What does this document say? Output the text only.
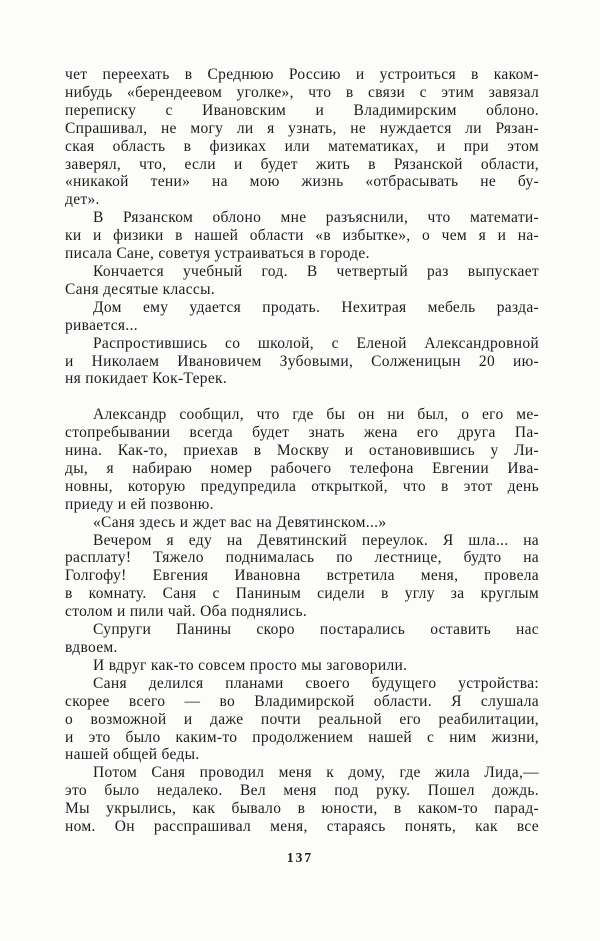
чет переехать в Среднюю Россию и устроиться в каком-
нибудь «берендеевом уголке», что в связи с этим завязал
переписку с Ивановским и Владимирским облоно.
Спрашивал, не могу ли я узнать, не нуждается ли Рязан-
ская область в физиках или математиках, и при этом
заверял, что, если и будет жить в Рязанской области,
«никакой тени» на мою жизнь «отбрасывать не бу-
дет».
В Рязанском облоно мне разъяснили, что математи-
ки и физики в нашей области «в избытке», о чем я и на-
писала Сане, советуя устраиваться в городе.
Кончается учебный год. В четвертый раз выпускает
Саня десятые классы.
Дом ему удается продать. Нехитрая мебель разда-
ривается...
Распростившись со школой, с Еленой Александровной
и Николаем Ивановичем Зубовыми, Солженицын 20 ию-
ня покидает Кок-Терек.
Александр сообщил, что где бы он ни был, о его ме-
стопребывании всегда будет знать жена его друга Па-
нина. Как-то, приехав в Москву и остановившись у Ли-
ды, я набираю номер рабочего телефона Евгении Ива-
новны, которую предупредила открыткой, что в этот день
приеду и ей позвоню.
«Саня здесь и ждет вас на Девятинском...»
Вечером я еду на Девятинский переулок. Я шла... на
расплату! Тяжело поднималась по лестнице, будто на
Голгофу! Евгения Ивановна встретила меня, провела
в комнату. Саня с Паниным сидели в углу за круглым
столом и пили чай. Оба поднялись.
Супруги Панины скоро постарались оставить нас
вдвоем.
И вдруг как-то совсем просто мы заговорили.
Саня делился планами своего будущего устройства:
скорее всего — во Владимирской области. Я слушала
о возможной и даже почти реальной его реабилитации,
и это было каким-то продолжением нашей с ним жизни,
нашей общей беды.
Потом Саня проводил меня к дому, где жила Лида,—
это было недалеко. Вел меня под руку. Пошел дождь.
Мы укрылись, как бывало в юности, в каком-то парад-
ном. Он расспрашивал меня, стараясь понять, как все
137
